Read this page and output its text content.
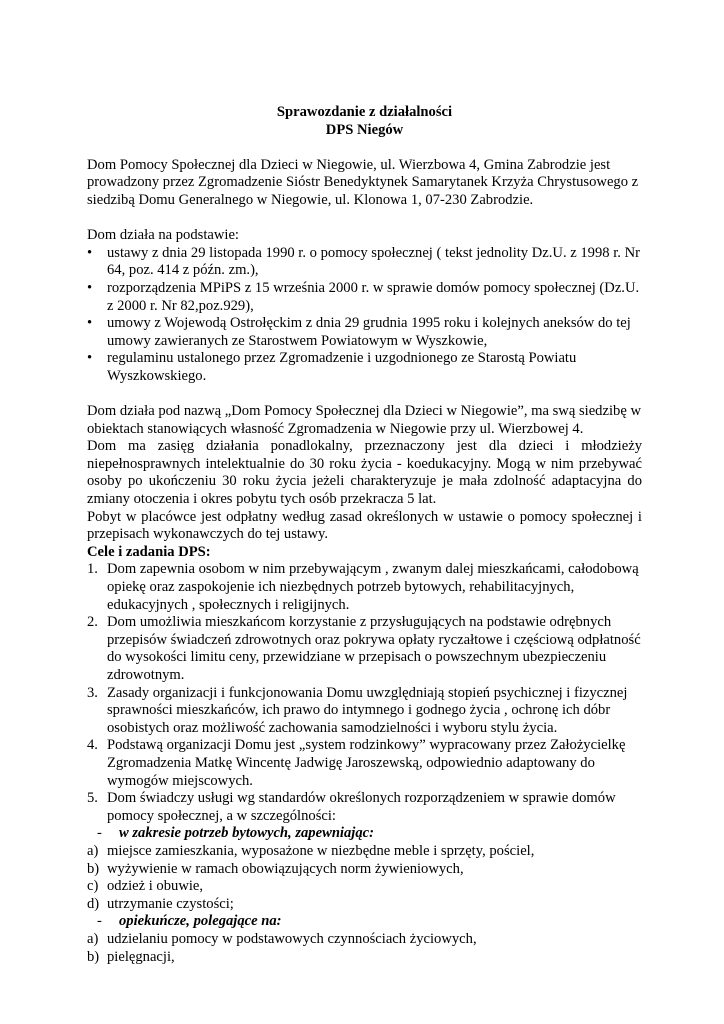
Sprawozdanie z działalności

DPS Niegów

Dom Pomocy Społecznej dla Dzieci w Niegowie, ul. Wierzbowa 4, Gmina Zabrodzie jest prowadzony przez Zgromadzenie Sióstr Benedyktynek Samarytanek Krzyża Chrystusowego z siedzibą Domu Generalnego w Niegowie, ul. Klonowa 1, 07-230 Zabrodzie.

Dom działa na podstawie:

• ustawy z dnia 29 listopada 1990 r. o pomocy społecznej ( tekst jednolity Dz.U. z 1998 r. Nr 64, poz. 414 z późn. zm.),
• rozporządzenia MPiPS z 15 września 2000 r. w sprawie domów pomocy społecznej (Dz.U. z 2000 r. Nr 82,poz.929),
• umowy z Wojewodą Ostrołęckim z dnia 29 grudnia 1995 roku i kolejnych aneksów do tej umowy zawieranych ze Starostwem Powiatowym w Wyszkowie,
• regulaminu ustalonego przez Zgromadzenie i uzgodnionego ze Starostą Powiatu Wyszkowskiego.

Dom działa pod nazwą „Dom Pomocy Społecznej dla Dzieci w Niegowie”, ma swą siedzibę w obiektach stanowiących własność Zgromadzenia w Niegowie przy ul. Wierzbowej 4.

Dom ma zasięg działania ponadlokalny, przeznaczony jest dla dzieci i młodzieży niepełnosprawnych intelektualnie do 30 roku życia - koedukacyjny. Mogą w nim przebywać osoby po ukończeniu 30 roku życia jeżeli charakteryzuje je mała zdolność adaptacyjna do zmiany otoczenia i okres pobytu tych osób przekracza 5 lat.

Pobyt w placówce jest odpłatny według zasad określonych w ustawie o pomocy społecznej i przepisach wykonawczych do tej ustawy.

Cele i zadania DPS:

1. Dom zapewnia osobom w nim przebywającym , zwanym dalej mieszkańcami, całodobową opiekę oraz zaspokojenie ich niezbędnych potrzeb bytowych, rehabilitacyjnych, edukacyjnych , społecznych i religijnych.
2. Dom umożliwia mieszkańcom korzystanie z przysługujących na podstawie odrębnych przepisów świadczeń zdrowotnych oraz pokrywa opłaty ryczałtowe i częściową odpłatność do wysokości limitu ceny, przewidziane w przepisach o powszechnym ubezpieczeniu zdrowotnym.
3. Zasady organizacji i funkcjonowania Domu uwzględniają stopień psychicznej i fizycznej sprawności mieszkańców, ich prawo do intymnego i godnego życia , ochronę ich dóbr osobistych oraz możliwość zachowania samodzielności i wyboru stylu życia.
4. Podstawą organizacji Domu jest „system rodzinkowy” wypracowany przez Założycielkę Zgromadzenia Matkę Wincentę Jadwigę Jaroszewską, odpowiednio adaptowany do wymogów miejscowych.
5. Dom świadczy usługi wg standardów określonych rozporządzeniem w sprawie domów pomocy społecznej, a w szczególności:

- w zakresie potrzeb bytowych, zapewniając:

a) miejsce zamieszkania, wyposażone w niezbędne meble i sprzęty, pościel,
b) wyżywienie w ramach obowiązujących norm żywieniowych,
c) odzież i obuwie,
d) utrzymanie czystości;

- opiekuńcze, polegające na:

a) udzielaniu pomocy w podstawowych czynnościach życiowych,
b) pielęgnacji,
